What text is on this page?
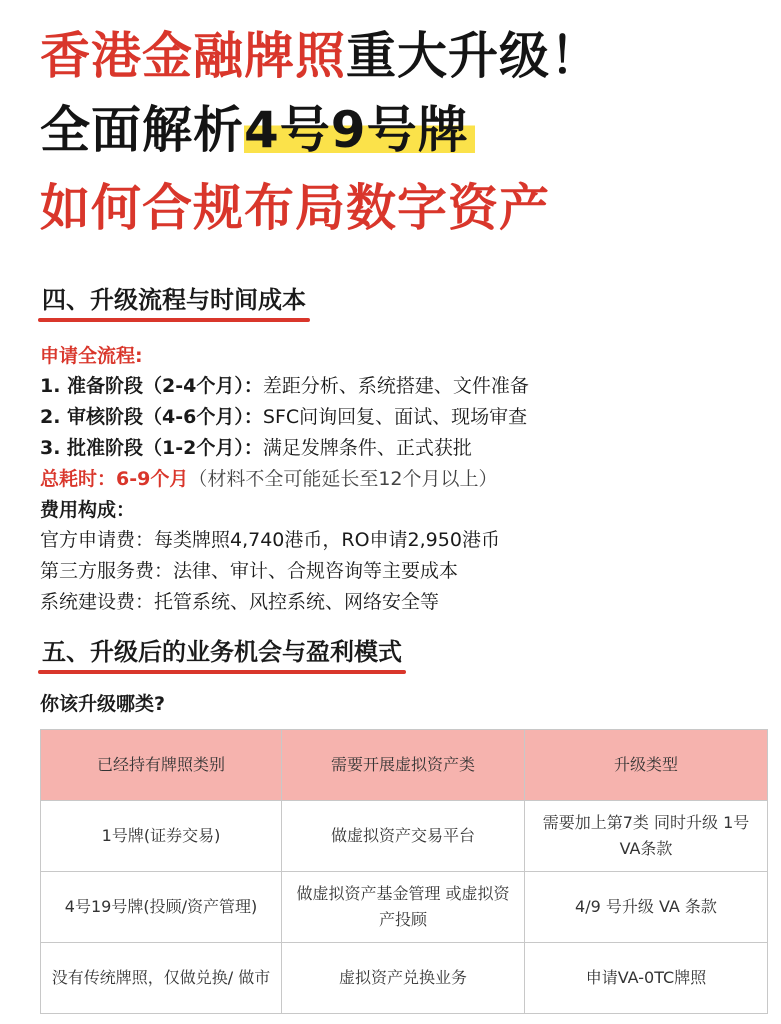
香港金融牌照重大升级！
全面解析4号9号牌
如何合规布局数字资产
四、升级流程与时间成本
申请全流程:
1. 准备阶段（2-4个月）：差距分析、系统搭建、文件准备
2. 审核阶段（4-6个月）：SFC问询回复、面试、现场审查
3. 批准阶段（1-2个月）：满足发牌条件、正式获批
总耗时：6-9个月（材料不全可能延长至12个月以上）
费用构成：
官方申请费：每类牌照4,740港币，RO申请2,950港币
第三方服务费：法律、审计、合规咨询等主要成本
系统建设费：托管系统、风控系统、网络安全等
五、升级后的业务机会与盈利模式
你该升级哪类?
已经持有牌照类别	需要开展虚拟资产类	升级类型
1号牌(证券交易)	做虚拟资产交易平台	需要加上第7类 同时升级 1号 VA条款
4号19号牌(投顾/资产管理)	做虚拟资产基金管理 或虚拟资产投顾	4/9 号升级 VA 条款
没有传统牌照，仅做兑换/ 做市	虚拟资产兑换业务	申请VA-0TC牌照
